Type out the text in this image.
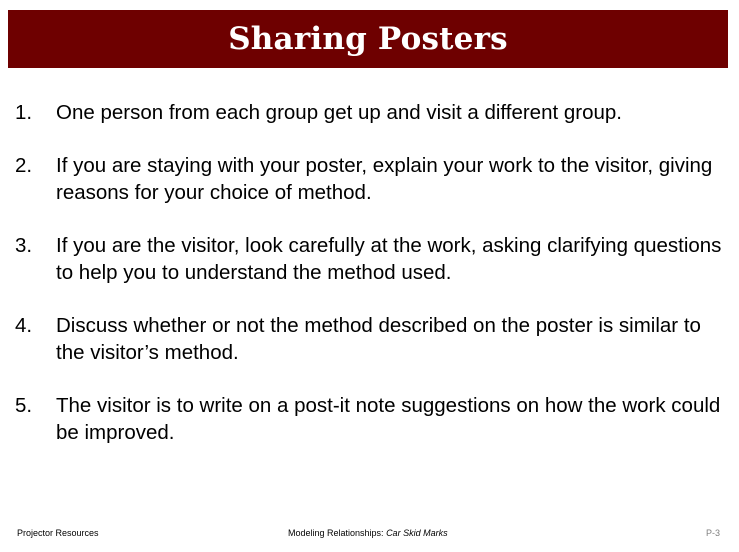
Sharing Posters
1. One person from each group get up and visit a different group.
2. If you are staying with your poster, explain your work to the visitor, giving reasons for your choice of method.
3. If you are the visitor, look carefully at the work, asking clarifying questions to help you to understand the method used.
4. Discuss whether or not the method described on the poster is similar to the visitor’s method.
5. The visitor is to write on a post-it note suggestions on how the work could be improved.
Projector Resources	Modeling Relationships: Car Skid Marks	P-3
